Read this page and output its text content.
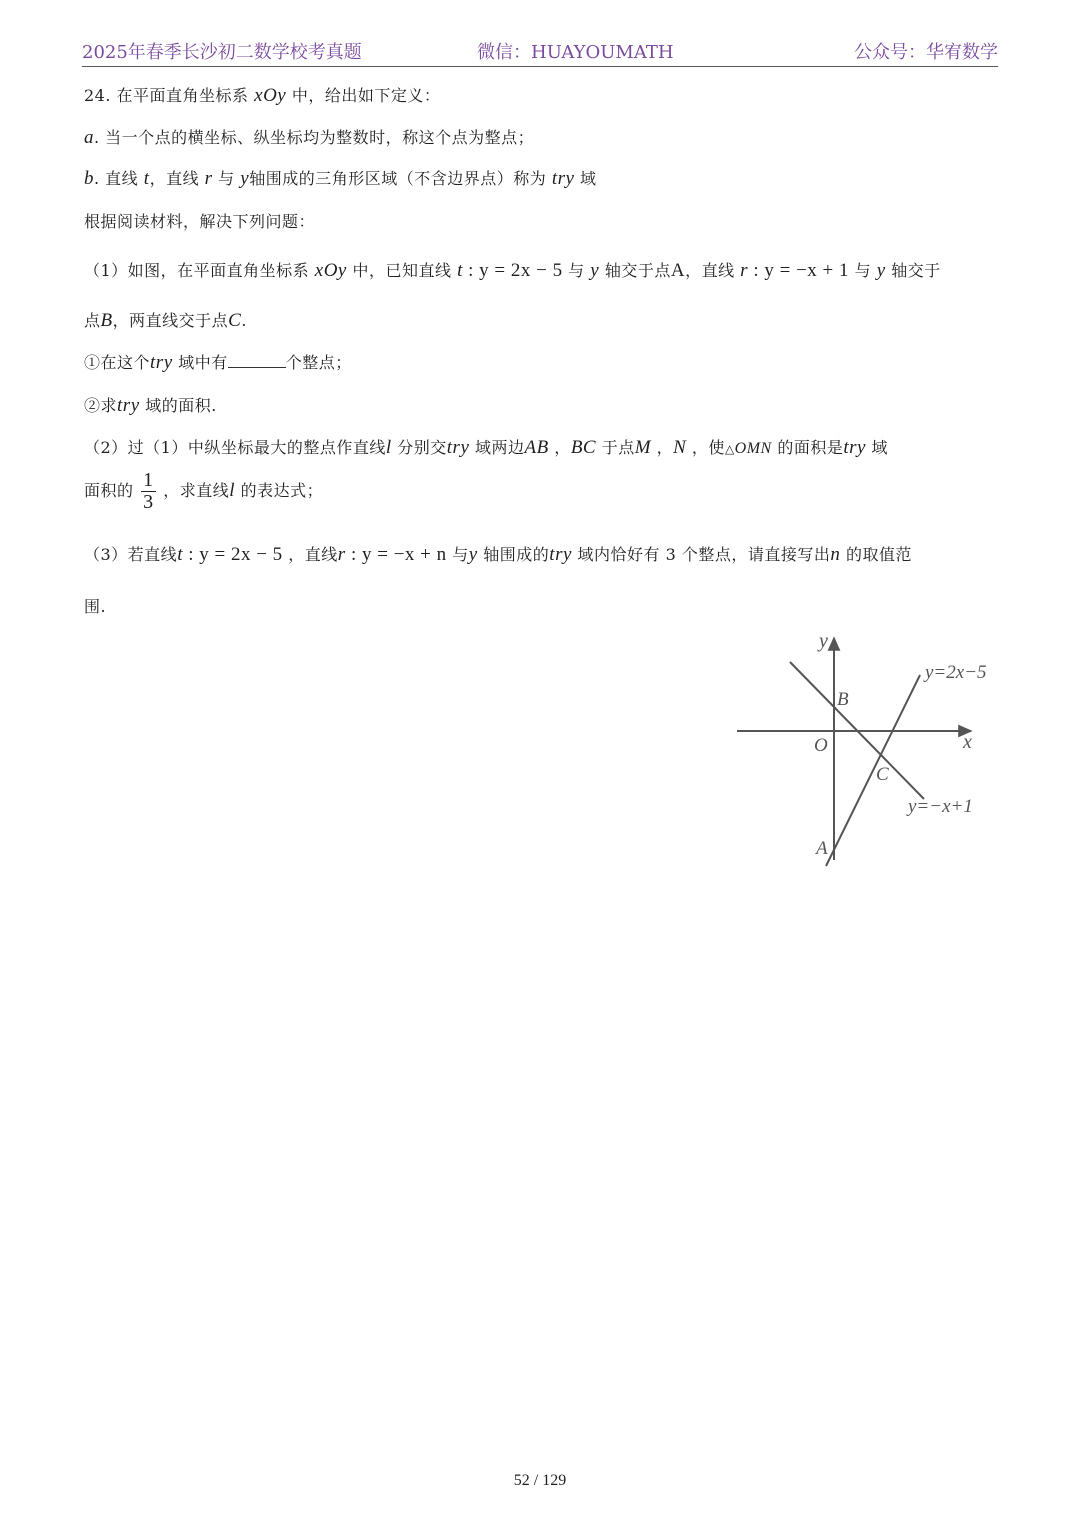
2025年春季长沙初二数学校考真题	微信：HUAYOUMATH	公众号：华宥数学
24. 在平面直角坐标系 xOy 中，给出如下定义：
a. 当一个点的横坐标、纵坐标均为整数时，称这个点为整点；
b. 直线 t，直线 r 与 y轴围成的三角形区域（不含边界点）称为 try 域
根据阅读材料，解决下列问题：
（1）如图，在平面直角坐标系 xOy 中，已知直线 t : y = 2x − 5 与 y 轴交于点A，直线 r : y = −x + 1 与 y 轴交于
点B，两直线交于点C.
①在这个try 域中有	个整点；
②求try 域的面积.
（2）过（1）中纵坐标最大的整点作直线l 分别交try 域两边AB ，BC 于点M ，N ，使△OMN 的面积是try 域
面积的 $\frac{1}{3}$ ，求直线l 的表达式；
（3）若直线t : y = 2x − 5 ，直线r : y = −x + n 与y 轴围成的try 域内恰好有 3 个整点，请直接写出n 的取值范
围.
y
x
O
B
C
A
y=2x−5
y=−x+1
52 / 129
